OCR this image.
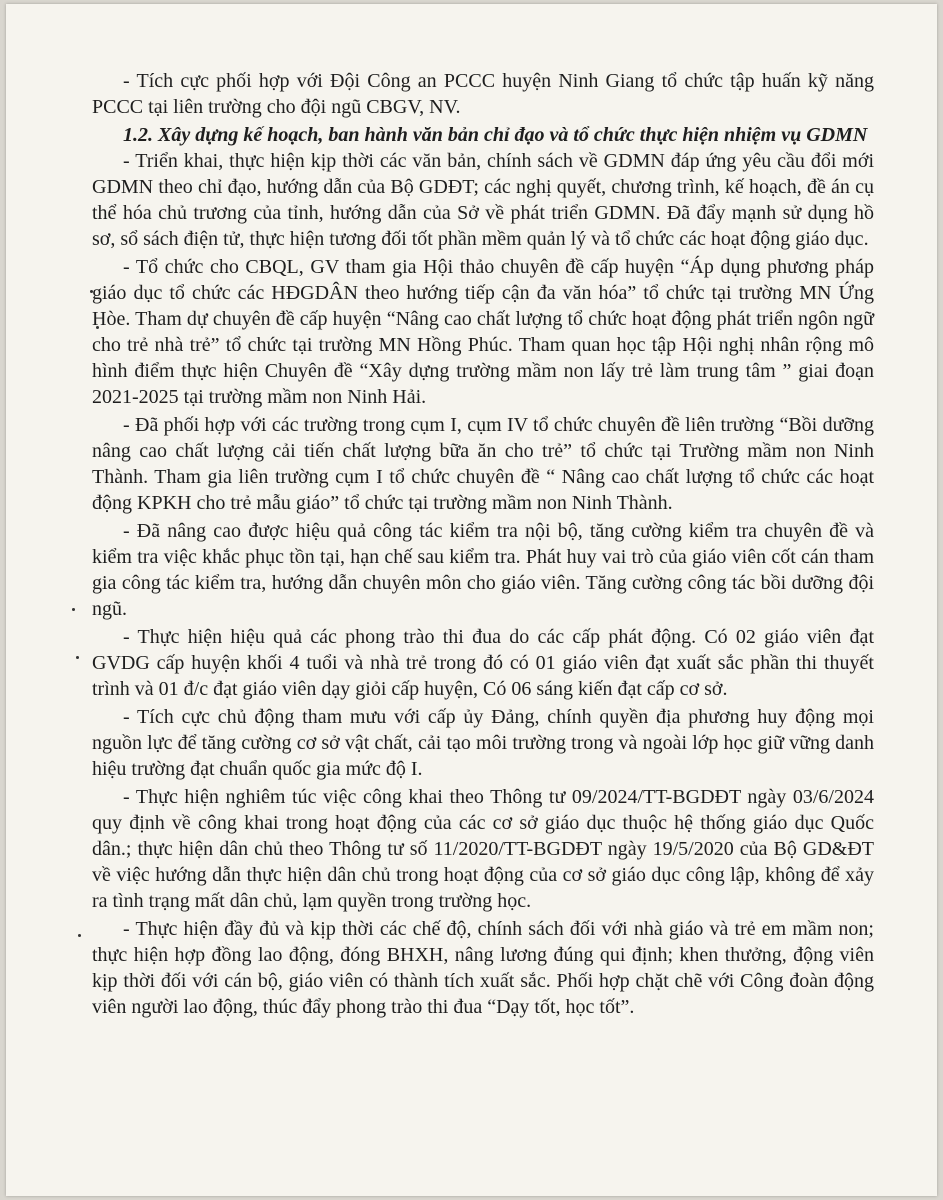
- Tích cực phối hợp với Đội Công an PCCC huyện Ninh Giang tổ chức tập huấn kỹ năng PCCC tại liên trường cho đội ngũ CBGV, NV.

1.2. Xây dựng kế hoạch, ban hành văn bản chỉ đạo và tổ chức thực hiện nhiệm vụ GDMN

- Triển khai, thực hiện kịp thời các văn bản, chính sách về GDMN đáp ứng yêu cầu đổi mới GDMN theo chỉ đạo, hướng dẫn của Bộ GDĐT; các nghị quyết, chương trình, kế hoạch, đề án cụ thể hóa chủ trương của tỉnh, hướng dẫn của Sở về phát triển GDMN. Đã đẩy mạnh sử dụng hồ sơ, sổ sách điện tử, thực hiện tương đối tốt phần mềm quản lý và tổ chức các hoạt động giáo dục.

- Tổ chức cho CBQL, GV tham gia Hội thảo chuyên đề cấp huyện “Áp dụng phương pháp giáo dục tổ chức các HĐGDÂN theo hướng tiếp cận đa văn hóa” tổ chức tại trường MN Ứng Hòe. Tham dự chuyên đề cấp huyện “Nâng cao chất lượng tổ chức hoạt động phát triển ngôn ngữ cho trẻ nhà trẻ” tổ chức tại trường MN Hồng Phúc. Tham quan học tập Hội nghị nhân rộng mô hình điểm thực hiện Chuyên đề “Xây dựng trường mầm non lấy trẻ làm trung tâm ” giai đoạn 2021-2025 tại trường mầm non Ninh Hải.

- Đã phối hợp với các trường trong cụm I, cụm IV tổ chức chuyên đề liên trường “Bồi dưỡng nâng cao chất lượng cải tiến chất lượng bữa ăn cho trẻ” tổ chức tại Trường mầm non Ninh Thành. Tham gia liên trường cụm I tổ chức chuyên đề “ Nâng cao chất lượng tổ chức các hoạt động KPKH cho trẻ mẫu giáo” tổ chức tại trường mầm non Ninh Thành.

- Đã nâng cao được hiệu quả công tác kiểm tra nội bộ, tăng cường kiểm tra chuyên đề và kiểm tra việc khắc phục tồn tại, hạn chế sau kiểm tra. Phát huy vai trò của giáo viên cốt cán tham gia công tác kiểm tra, hướng dẫn chuyên môn cho giáo viên. Tăng cường công tác bồi dưỡng đội ngũ.

- Thực hiện hiệu quả các phong trào thi đua do các cấp phát động. Có 02 giáo viên đạt GVDG cấp huyện khối 4 tuổi và nhà trẻ trong đó có 01 giáo viên đạt xuất sắc phần thi thuyết trình và 01 đ/c đạt giáo viên dạy giỏi cấp huyện, Có 06 sáng kiến đạt cấp cơ sở.

- Tích cực chủ động tham mưu với cấp ủy Đảng, chính quyền địa phương huy động mọi nguồn lực để tăng cường cơ sở vật chất, cải tạo môi trường trong và ngoài lớp học giữ vững danh hiệu trường đạt chuẩn quốc gia mức độ I.

- Thực hiện nghiêm túc việc công khai theo Thông tư 09/2024/TT-BGDĐT ngày 03/6/2024 quy định về công khai trong hoạt động của các cơ sở giáo dục thuộc hệ thống giáo dục Quốc dân.; thực hiện dân chủ theo Thông tư số 11/2020/TT-BGDĐT ngày 19/5/2020 của Bộ GD&ĐT về việc hướng dẫn thực hiện dân chủ trong hoạt động của cơ sở giáo dục công lập, không để xảy ra tình trạng mất dân chủ, lạm quyền trong trường học.

- Thực hiện đầy đủ và kịp thời các chế độ, chính sách đối với nhà giáo và trẻ em mầm non; thực hiện hợp đồng lao động, đóng BHXH, nâng lương đúng qui định; khen thưởng, động viên kịp thời đối với cán bộ, giáo viên có thành tích xuất sắc. Phối hợp chặt chẽ với Công đoàn động viên người lao động, thúc đẩy phong trào thi đua “Dạy tốt, học tốt”.
